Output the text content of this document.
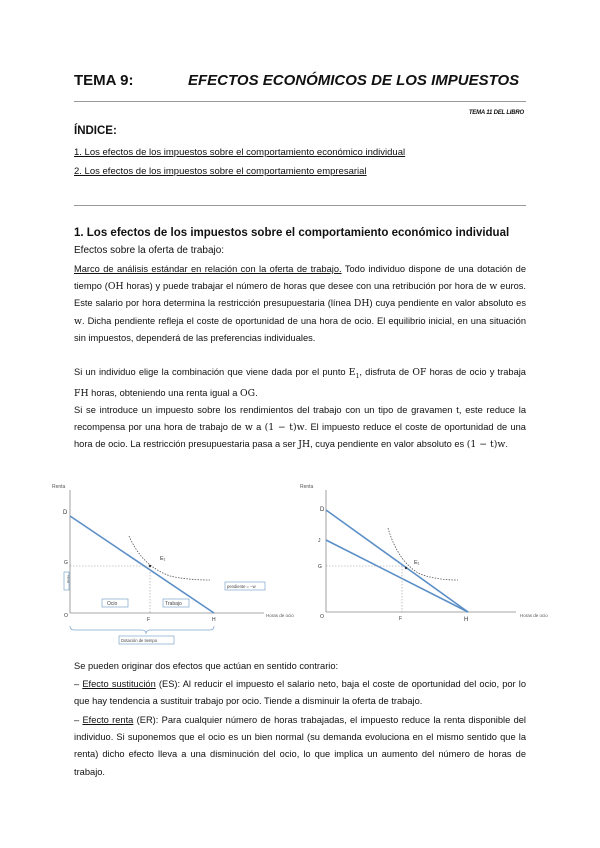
TEMA 9:	EFECTOS ECONÓMICOS DE LOS IMPUESTOS
TEMA 11 DEL LIBRO
ÍNDICE:
1. Los efectos de los impuestos sobre el comportamiento económico individual
2. Los efectos de los impuestos sobre el comportamiento empresarial
1. Los efectos de los impuestos sobre el comportamiento económico individual
Efectos sobre la oferta de trabajo:

Marco de análisis estándar en relación con la oferta de trabajo. Todo individuo dispone de una dotación de tiempo (OH horas) y puede trabajar el número de horas que desee con una retribución por hora de w euros. Este salario por hora determina la restricción presupuestaria (línea DH) cuya pendiente en valor absoluto es w. Dicha pendiente refleja el coste de oportunidad de una hora de ocio. El equilibrio inicial, en una situación sin impuestos, dependerá de las preferencias individuales.

Si un individuo elige la combinación que viene dada por el punto $E_1$, disfruta de OF horas de ocio y trabaja FH horas, obteniendo una renta igual a OG.

Si se introduce un impuesto sobre los rendimientos del trabajo con un tipo de gravamen t, este reduce la recompensa por una hora de trabajo de w a (1 − t)w. El impuesto reduce el coste de oportunidad de una hora de ocio. La restricción presupuestaria pasa a ser JH, cuya pendiente en valor absoluto es (1 − t)w.

Renta
D
G
E₁
O
F	H
Horas de ocio
Renta
Ocio	Trabajo
pendiente = −w
Dotación de tiempo
Renta
D
J
G
E₁
O	F	H
Horas de ocio

Se pueden originar dos efectos que actúan en sentido contrario:

– Efecto sustitución (ES): Al reducir el impuesto el salario neto, baja el coste de oportunidad del ocio, por lo que hay tendencia a sustituir trabajo por ocio. Tiende a disminuir la oferta de trabajo.

– Efecto renta (ER): Para cualquier número de horas trabajadas, el impuesto reduce la renta disponible del individuo. Si suponemos que el ocio es un bien normal (su demanda evoluciona en el mismo sentido que la renta) dicho efecto lleva a una disminución del ocio, lo que implica un aumento del número de horas de trabajo.
